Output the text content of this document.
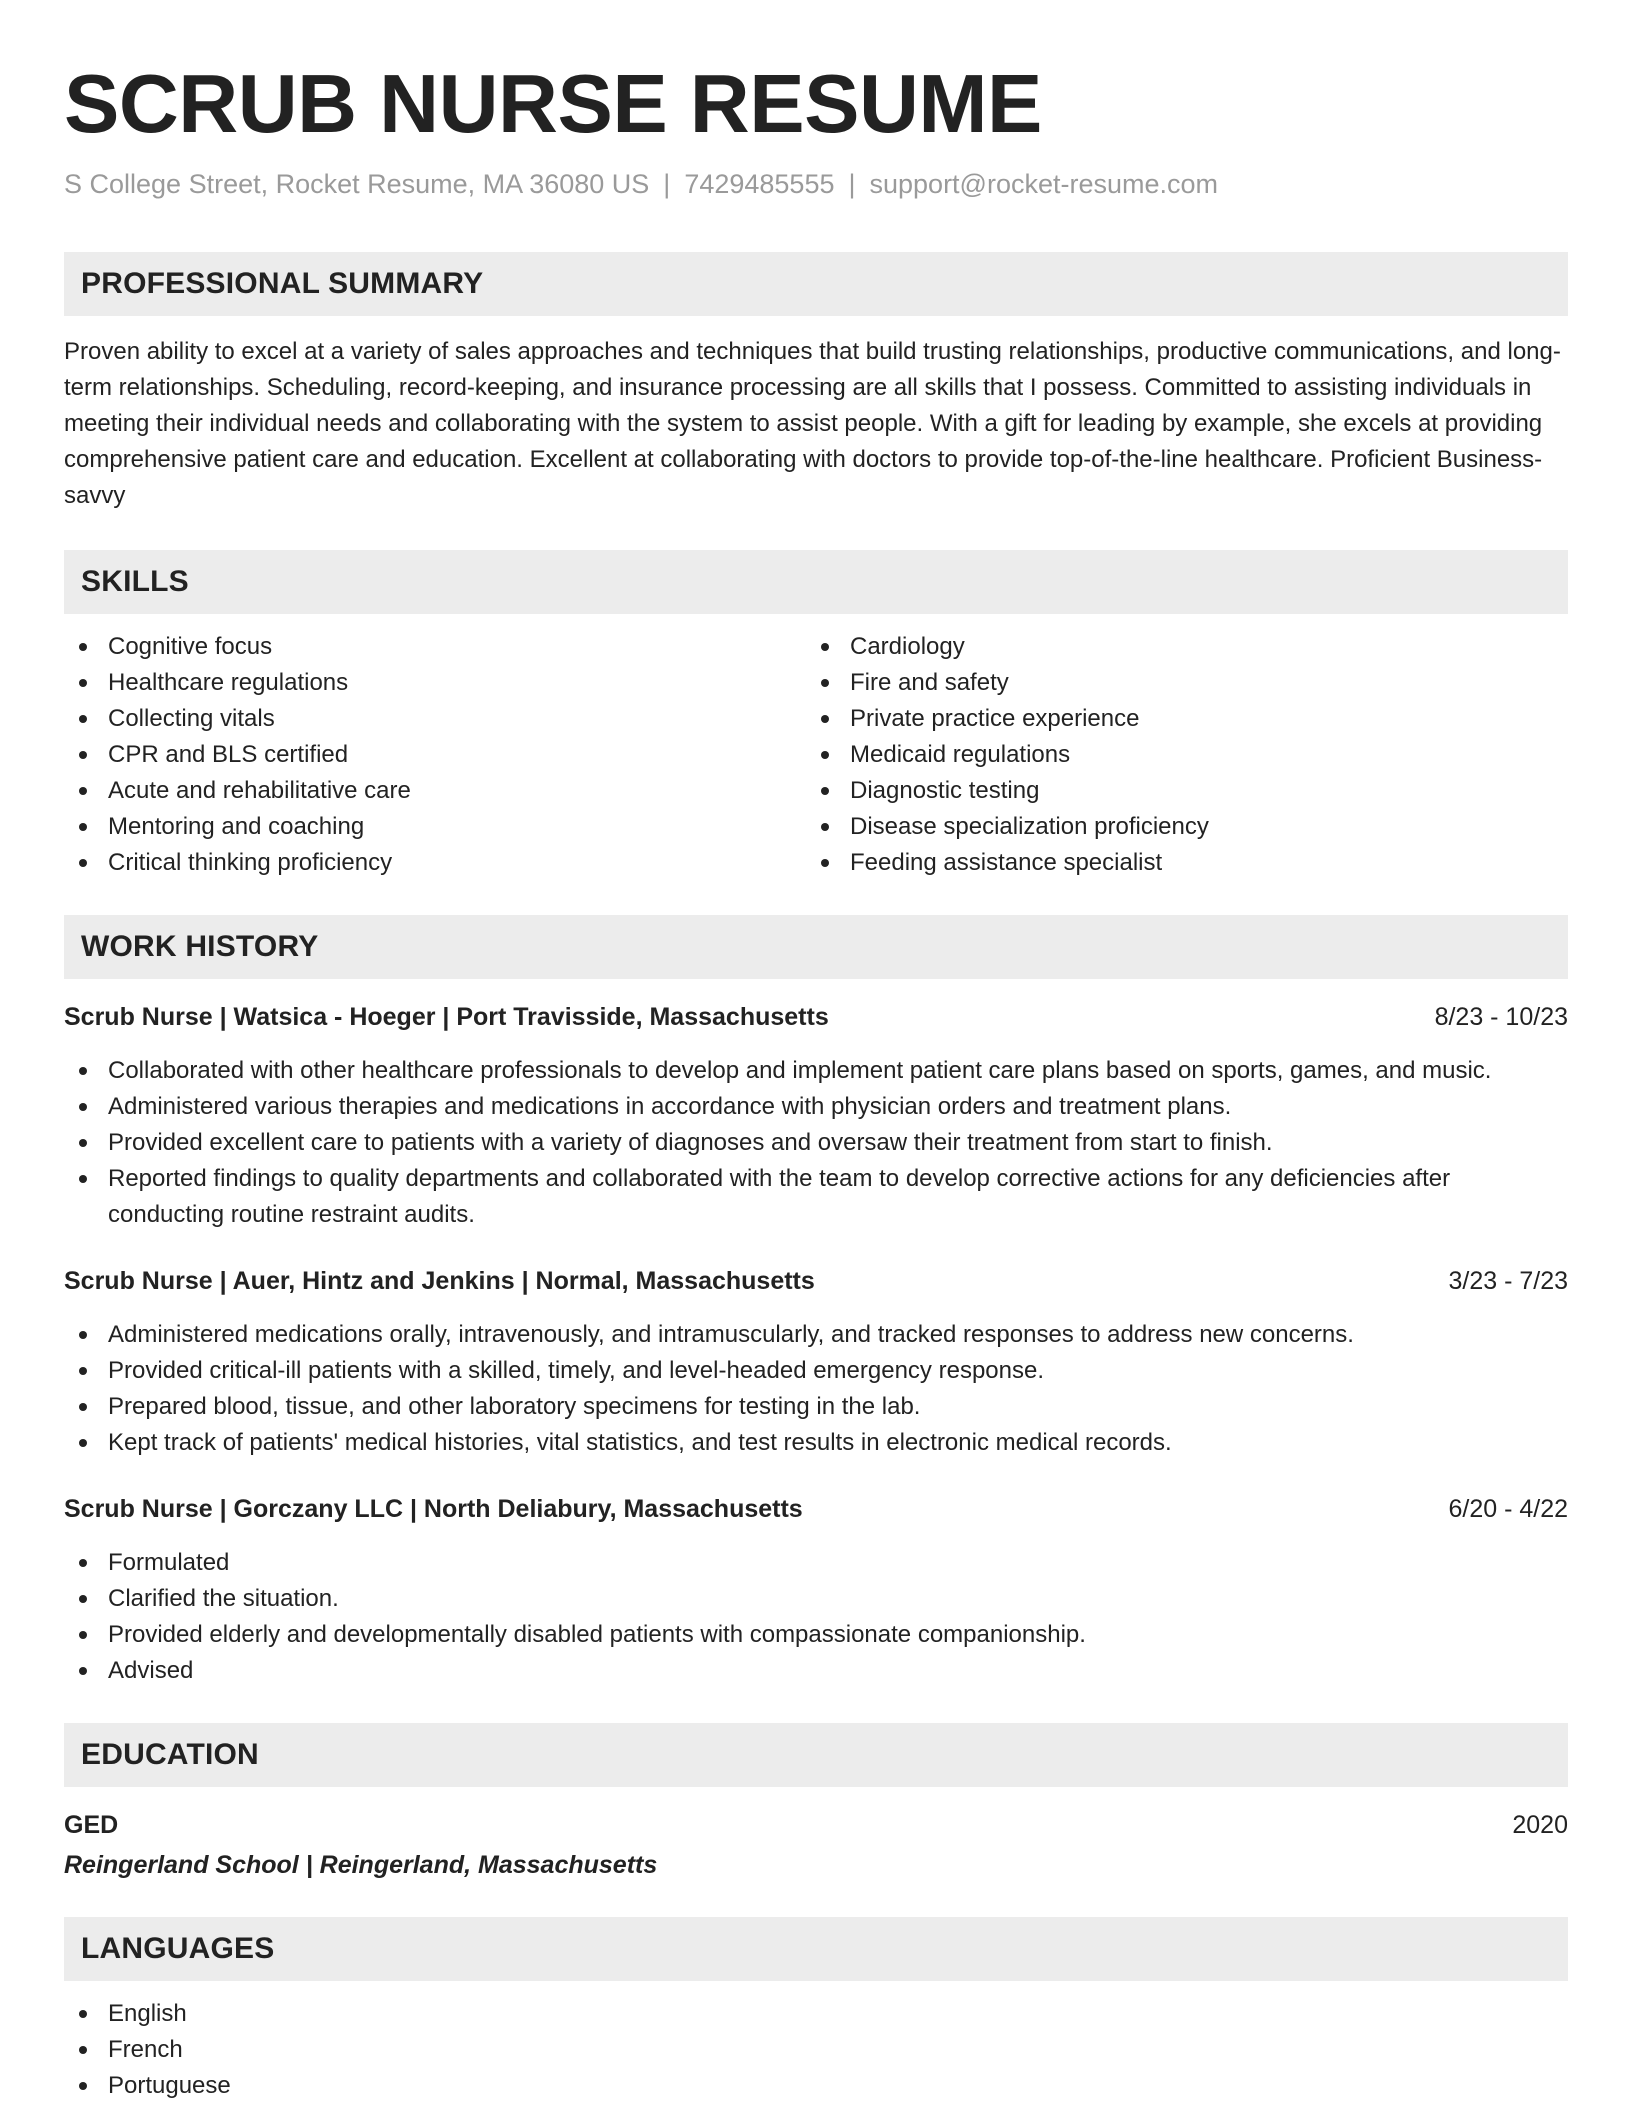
SCRUB NURSE RESUME
S College Street, Rocket Resume, MA 36080 US | 7429485555 | support@rocket-resume.com
PROFESSIONAL SUMMARY

Proven ability to excel at a variety of sales approaches and techniques that build trusting relationships, productive communications, and long-term relationships. Scheduling, record-keeping, and insurance processing are all skills that I possess. Committed to assisting individuals in meeting their individual needs and collaborating with the system to assist people. With a gift for leading by example, she excels at providing comprehensive patient care and education. Excellent at collaborating with doctors to provide top-of-the-line healthcare. Proficient Business-savvy

SKILLS
Cognitive focus
Healthcare regulations
Collecting vitals
CPR and BLS certified
Acute and rehabilitative care
Mentoring and coaching
Critical thinking proficiency
Cardiology
Fire and safety
Private practice experience
Medicaid regulations
Diagnostic testing
Disease specialization proficiency
Feeding assistance specialist
WORK HISTORY
Scrub Nurse | Watsica - Hoeger | Port Travisside, Massachusetts	8/23 - 10/23
Collaborated with other healthcare professionals to develop and implement patient care plans based on sports, games, and music.
Administered various therapies and medications in accordance with physician orders and treatment plans.
Provided excellent care to patients with a variety of diagnoses and oversaw their treatment from start to finish.
Reported findings to quality departments and collaborated with the team to develop corrective actions for any deficiencies after conducting routine restraint audits.
Scrub Nurse | Auer, Hintz and Jenkins | Normal, Massachusetts	3/23 - 7/23
Administered medications orally, intravenously, and intramuscularly, and tracked responses to address new concerns.
Provided critical-ill patients with a skilled, timely, and level-headed emergency response.
Prepared blood, tissue, and other laboratory specimens for testing in the lab.
Kept track of patients' medical histories, vital statistics, and test results in electronic medical records.
Scrub Nurse | Gorczany LLC | North Deliabury, Massachusetts	6/20 - 4/22
Formulated
Clarified the situation.
Provided elderly and developmentally disabled patients with compassionate companionship.
Advised
EDUCATION
GED	2020
Reingerland School | Reingerland, Massachusetts
LANGUAGES
English
French
Portuguese
